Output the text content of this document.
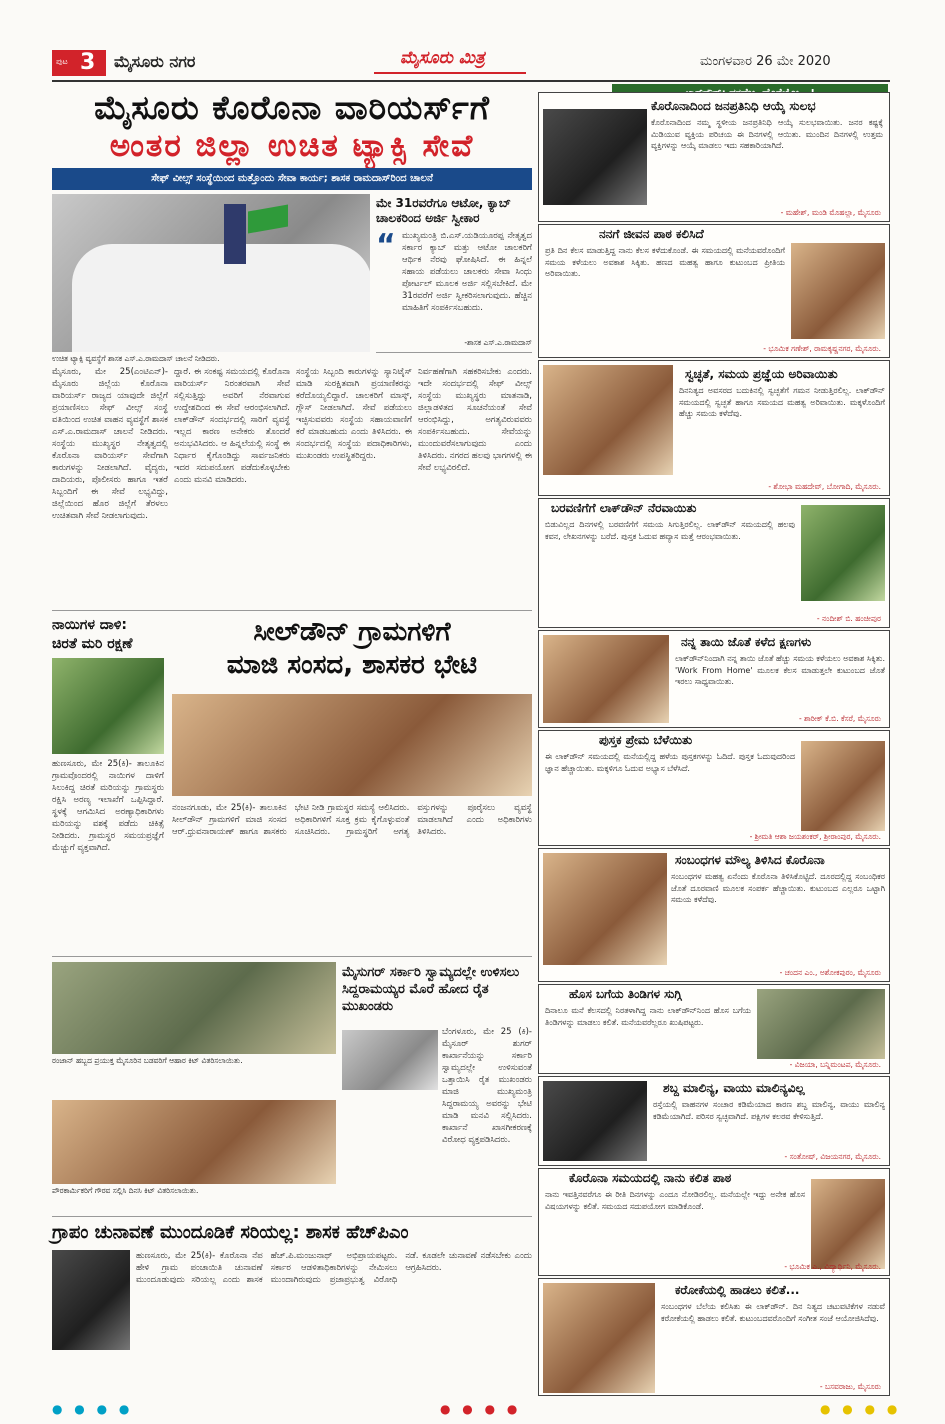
ಪುಟ 3 ಮೈಸೂರು ನಗರ	ಮೈಸೂರು ಮಿತ್ರ	ಮಂಗಳವಾರ 26 ಮೇ 2020
ಮೈಸೂರು ಕೊರೊನಾ ವಾರಿಯರ್ಸ್‌ಗೆ
ಅಂತರ ಜಿಲ್ಲಾ ಉಚಿತ ಟ್ಯಾಕ್ಸಿ ಸೇವೆ
ಸೇಫ್ ವೀಲ್ಸ್ ಸಂಸ್ಥೆಯಿಂದ ಮತ್ತೊಂದು ಸೇವಾ ಕಾರ್ಯ; ಶಾಸಕ ರಾಮದಾಸ್‌ರಿಂದ ಚಾಲನೆ
ಉಚಿತ ಟ್ಯಾಕ್ಸಿ ವ್ಯವಸ್ಥೆಗೆ ಶಾಸಕ ಎಸ್.ಎ.ರಾಮದಾಸ್ ಚಾಲನೆ ನೀಡಿದರು.
ಮೇ 31ರವರೆಗೂ ಆಟೋ, ಕ್ಯಾಬ್ ಚಾಲಕರಿಂದ ಅರ್ಜಿ ಸ್ವೀಕಾರ
“ ಮುಖ್ಯಮಂತ್ರಿ ಬಿ.ಎಸ್.ಯಡಿಯೂರಪ್ಪ ನೇತೃತ್ವದ ಸರ್ಕಾರ ಕ್ಯಾಬ್ ಮತ್ತು ಆಟೋ ಚಾಲಕರಿಗೆ ಆರ್ಥಿಕ ನೆರವು ಘೋಷಿಸಿದೆ. ಈ ಹಿನ್ನಲೆ ಸಹಾಯ ಪಡೆಯಲು ಚಾಲಕರು ಸೇವಾ ಸಿಂಧು ಪೋರ್ಟಲ್ ಮೂಲಕ ಅರ್ಜಿ ಸಲ್ಲಿಸಬೇಕಿದೆ. ಮೇ 31ರವರೆಗೆ ಅರ್ಜಿ ಸ್ವೀಕರಿಸಲಾಗುವುದು. ಹೆಚ್ಚಿನ ಮಾಹಿತಿಗೆ ಸಂಪರ್ಕಿಸಬಹುದು.
-ಶಾಸಕ ಎಸ್.ಎ.ರಾಮದಾಸ್
ಮೈಸೂರು, ಮೇ 25(ಎಂಟಿಎನ್)- ಮೈಸೂರು ಜಿಲ್ಲೆಯ ಕೊರೊನಾ ವಾರಿಯರ್ಸ್ ರಾಜ್ಯದ ಯಾವುದೇ ಜಿಲ್ಲೆಗೆ ಪ್ರಯಾಣಿಸಲು ಸೇಫ್ ವೀಲ್ಸ್ ಸಂಸ್ಥೆ ವತಿಯಿಂದ ಉಚಿತ ವಾಹನ ವ್ಯವಸ್ಥೆಗೆ ಶಾಸಕ ಎಸ್.ಎ.ರಾಮದಾಸ್ ಚಾಲನೆ ನೀಡಿದರು. ಸಂಸ್ಥೆಯ ಮುಖ್ಯಸ್ಥರ ನೇತೃತ್ವದಲ್ಲಿ ಕೊರೊನಾ ವಾರಿಯರ್ಸ್ ಸೇವೆಗಾಗಿ ಕಾರುಗಳನ್ನು ನೀಡಲಾಗಿದೆ. ವೈದ್ಯರು, ದಾದಿಯರು, ಪೊಲೀಸರು ಹಾಗೂ ಇತರೆ ಸಿಬ್ಬಂದಿಗೆ ಈ ಸೇವೆ ಲಭ್ಯವಿದ್ದು, ಜಿಲ್ಲೆಯಿಂದ ಹೊರ ಜಿಲ್ಲೆಗೆ ತೆರಳಲು ಉಚಿತವಾಗಿ ಸೇವೆ ನೀಡಲಾಗುವುದು.
ದ್ದಾರೆ. ಈ ಸಂಕಷ್ಟ ಸಮಯದಲ್ಲಿ ಕೊರೊನಾ ವಾರಿಯರ್ಸ್ ನಿರಂತರವಾಗಿ ಸೇವೆ ಸಲ್ಲಿಸುತ್ತಿದ್ದು ಅವರಿಗೆ ನೆರವಾಗುವ ಉದ್ದೇಶದಿಂದ ಈ ಸೇವೆ ಆರಂಭಿಸಲಾಗಿದೆ. ಲಾಕ್‌ಡೌನ್ ಸಂದರ್ಭದಲ್ಲಿ ಸಾರಿಗೆ ವ್ಯವಸ್ಥೆ ಇಲ್ಲದ ಕಾರಣ ಅನೇಕರು ತೊಂದರೆ ಅನುಭವಿಸಿದರು. ಆ ಹಿನ್ನಲೆಯಲ್ಲಿ ಸಂಸ್ಥೆ ಈ ನಿರ್ಧಾರ ಕೈಗೊಂಡಿದ್ದು ಸಾರ್ವಜನಿಕರು ಇದರ ಸದುಪಯೋಗ ಪಡೆದುಕೊಳ್ಳಬೇಕು ಎಂದು ಮನವಿ ಮಾಡಿದರು.
ಸಂಸ್ಥೆಯ ಸಿಬ್ಬಂದಿ ಕಾರುಗಳನ್ನು ಸ್ಯಾನಿಟೈಸ್ ಮಾಡಿ ಸುರಕ್ಷಿತವಾಗಿ ಪ್ರಯಾಣಿಕರನ್ನು ಕರೆದೊಯ್ಯಲಿದ್ದಾರೆ. ಚಾಲಕರಿಗೆ ಮಾಸ್ಕ್, ಗ್ಲೌಸ್ ನೀಡಲಾಗಿದೆ. ಸೇವೆ ಪಡೆಯಲು ಇಚ್ಛಿಸುವವರು ಸಂಸ್ಥೆಯ ಸಹಾಯವಾಣಿಗೆ ಕರೆ ಮಾಡಬಹುದು ಎಂದು ತಿಳಿಸಿದರು. ಈ ಸಂದರ್ಭದಲ್ಲಿ ಸಂಸ್ಥೆಯ ಪದಾಧಿಕಾರಿಗಳು, ಮುಖಂಡರು ಉಪಸ್ಥಿತರಿದ್ದರು.
ನಿರ್ವಹಣೆಗಾಗಿ ಸಹಕರಿಸಬೇಕು ಎಂದರು. ಇದೇ ಸಂದರ್ಭದಲ್ಲಿ ಸೇಫ್ ವೀಲ್ಸ್ ಸಂಸ್ಥೆಯ ಮುಖ್ಯಸ್ಥರು ಮಾತನಾಡಿ, ಜಿಲ್ಲಾಡಳಿತದ ಸೂಚನೆಯಂತೆ ಸೇವೆ ಆರಂಭಿಸಿದ್ದು, ಅಗತ್ಯವಿರುವವರು ಸಂಪರ್ಕಿಸಬಹುದು. ಸೇವೆಯನ್ನು ಮುಂದುವರೆಸಲಾಗುವುದು ಎಂದು ತಿಳಿಸಿದರು. ನಗರದ ಹಲವು ಭಾಗಗಳಲ್ಲಿ ಈ ಸೇವೆ ಲಭ್ಯವಿರಲಿದೆ.
ನಾಯಿಗಳ ದಾಳಿ:
ಚಿರತೆ ಮರಿ ರಕ್ಷಣೆ
ಹುಣಸೂರು, ಮೇ 25(ಕಿ)- ತಾಲೂಕಿನ ಗ್ರಾಮವೊಂದರಲ್ಲಿ ನಾಯಿಗಳ ದಾಳಿಗೆ ಸಿಲುಕಿದ್ದ ಚಿರತೆ ಮರಿಯನ್ನು ಗ್ರಾಮಸ್ಥರು ರಕ್ಷಿಸಿ ಅರಣ್ಯ ಇಲಾಖೆಗೆ ಒಪ್ಪಿಸಿದ್ದಾರೆ. ಸ್ಥಳಕ್ಕೆ ಆಗಮಿಸಿದ ಅರಣ್ಯಾಧಿಕಾರಿಗಳು ಮರಿಯನ್ನು ವಶಕ್ಕೆ ಪಡೆದು ಚಿಕಿತ್ಸೆ ನೀಡಿದರು. ಗ್ರಾಮಸ್ಥರ ಸಮಯಪ್ರಜ್ಞೆಗೆ ಮೆಚ್ಚುಗೆ ವ್ಯಕ್ತವಾಗಿದೆ.
ಸೀಲ್‌ಡೌನ್ ಗ್ರಾಮಗಳಿಗೆ
ಮಾಜಿ ಸಂಸದ, ಶಾಸಕರ ಭೇಟಿ
ನಂಜನಗೂಡು, ಮೇ 25(ಕಿ)- ತಾಲೂಕಿನ ಸೀಲ್‌ಡೌನ್ ಗ್ರಾಮಗಳಿಗೆ ಮಾಜಿ ಸಂಸದ ಆರ್.ಧ್ರುವನಾರಾಯಣ್ ಹಾಗೂ ಶಾಸಕರು ಭೇಟಿ ನೀಡಿ ಗ್ರಾಮಸ್ಥರ ಸಮಸ್ಯೆ ಆಲಿಸಿದರು. ಅಧಿಕಾರಿಗಳಿಗೆ ಸೂಕ್ತ ಕ್ರಮ ಕೈಗೊಳ್ಳುವಂತೆ ಸೂಚಿಸಿದರು. ಗ್ರಾಮಸ್ಥರಿಗೆ ಅಗತ್ಯ ವಸ್ತುಗಳನ್ನು ಪೂರೈಸಲು ವ್ಯವಸ್ಥೆ ಮಾಡಲಾಗಿದೆ ಎಂದು ಅಧಿಕಾರಿಗಳು ತಿಳಿಸಿದರು.
ರಂಜಾನ್ ಹಬ್ಬದ ಪ್ರಯುಕ್ತ ಮೈಸೂರಿನ ಬಡವರಿಗೆ ಆಹಾರ ಕಿಟ್ ವಿತರಿಸಲಾಯಿತು.
ಪೌರಕಾರ್ಮಿಕರಿಗೆ ಗೌರವ ಸಲ್ಲಿಸಿ ದಿನಸಿ ಕಿಟ್ ವಿತರಿಸಲಾಯಿತು.
ಮೈಸುಗರ್ ಸರ್ಕಾರಿ ಸ್ವಾಮ್ಯದಲ್ಲೇ ಉಳಿಸಲು ಸಿದ್ದರಾಮಯ್ಯರ ಮೊರೆ ಹೋದ ರೈತ ಮುಖಂಡರು
ಬೆಂಗಳೂರು, ಮೇ 25 (ಕಿ)- ಮೈಸೂರ್ ಶುಗರ್ ಕಾರ್ಖಾನೆಯನ್ನು ಸರ್ಕಾರಿ ಸ್ವಾಮ್ಯದಲ್ಲೇ ಉಳಿಸುವಂತೆ ಒತ್ತಾಯಿಸಿ ರೈತ ಮುಖಂಡರು ಮಾಜಿ ಮುಖ್ಯಮಂತ್ರಿ ಸಿದ್ದರಾಮಯ್ಯ ಅವರನ್ನು ಭೇಟಿ ಮಾಡಿ ಮನವಿ ಸಲ್ಲಿಸಿದರು. ಕಾರ್ಖಾನೆ ಖಾಸಗೀಕರಣಕ್ಕೆ ವಿರೋಧ ವ್ಯಕ್ತಪಡಿಸಿದರು.
ಗ್ರಾಪಂ ಚುನಾವಣೆ ಮುಂದೂಡಿಕೆ ಸರಿಯಲ್ಲ: ಶಾಸಕ ಹೆಚ್‌ಪಿಎಂ
ಹುಣಸೂರು, ಮೇ 25(ಕಿ)- ಕೊರೊನಾ ನೆಪ ಹೇಳಿ ಗ್ರಾಮ ಪಂಚಾಯಿತಿ ಚುನಾವಣೆ ಮುಂದೂಡುವುದು ಸರಿಯಲ್ಲ ಎಂದು ಶಾಸಕ ಹೆಚ್.ಪಿ.ಮಂಜುನಾಥ್ ಅಭಿಪ್ರಾಯಪಟ್ಟರು. ಸರ್ಕಾರ ಆಡಳಿತಾಧಿಕಾರಿಗಳನ್ನು ನೇಮಿಸಲು ಮುಂದಾಗಿರುವುದು ಪ್ರಜಾಪ್ರಭುತ್ವ ವಿರೋಧಿ ನಡೆ. ಕೂಡಲೇ ಚುನಾವಣೆ ನಡೆಸಬೇಕು ಎಂದು ಆಗ್ರಹಿಸಿದರು.
ಕೊರೊನಾದಿಂದ ಜನಪ್ರತಿನಿಧಿ ಆಯ್ಕೆ ಸುಲಭ
ಕೊರೊನಾದಿಂದ ನಮ್ಮ ಸ್ಥಳೀಯ ಜನಪ್ರತಿನಿಧಿ ಆಯ್ಕೆ ಸುಲಭವಾಯಿತು. ಜನರ ಕಷ್ಟಕ್ಕೆ ಮಿಡಿಯುವ ವ್ಯಕ್ತಿಯ ಪರಿಚಯ ಈ ದಿನಗಳಲ್ಲಿ ಆಯಿತು. ಮುಂದಿನ ದಿನಗಳಲ್ಲಿ ಉತ್ತಮ ವ್ಯಕ್ತಿಗಳನ್ನು ಆಯ್ಕೆ ಮಾಡಲು ಇದು ಸಹಕಾರಿಯಾಗಿದೆ.
- ಮಹೇಶ್, ಮಂಡಿ ಮೊಹಲ್ಲಾ, ಮೈಸೂರು
ನನಗೆ ಜೀವನ ಪಾಠ ಕಲಿಸಿದೆ
ಪ್ರತಿ ದಿನ ಕೆಲಸ ಮಾಡುತ್ತಿದ್ದ ನಾನು ಕೆಲಸ ಕಳೆದುಕೊಂಡೆ. ಈ ಸಮಯದಲ್ಲಿ ಮನೆಯವರೊಂದಿಗೆ ಸಮಯ ಕಳೆಯಲು ಅವಕಾಶ ಸಿಕ್ಕಿತು. ಹಣದ ಮಹತ್ವ ಹಾಗೂ ಕುಟುಂಬದ ಪ್ರೀತಿಯ ಅರಿವಾಯಿತು.
- ಭೂಮಿಕ ಗಣೇಶ್, ರಾಮಕೃಷ್ಣನಗರ, ಮೈಸೂರು.
ಸ್ವಚ್ಛತೆ, ಸಮಯ ಪ್ರಜ್ಞೆಯ ಅರಿವಾಯಿತು
ದಿನನಿತ್ಯದ ಅವಸರದ ಬದುಕಿನಲ್ಲಿ ಸ್ವಚ್ಛತೆಗೆ ಗಮನ ನೀಡುತ್ತಿರಲಿಲ್ಲ. ಲಾಕ್‌ಡೌನ್ ಸಮಯದಲ್ಲಿ ಸ್ವಚ್ಛತೆ ಹಾಗೂ ಸಮಯದ ಮಹತ್ವ ಅರಿವಾಯಿತು. ಮಕ್ಕಳೊಂದಿಗೆ ಹೆಚ್ಚು ಸಮಯ ಕಳೆದೆವು.
- ಶೋಭಾ ಮಹದೇವ್, ಬೋಗಾದಿ, ಮೈಸೂರು.
ಬರವಣಿಗೆಗೆ ಲಾಕ್‌ಡೌನ್ ನೆರವಾಯಿತು
ಬಿಡುವಿಲ್ಲದ ದಿನಗಳಲ್ಲಿ ಬರವಣಿಗೆಗೆ ಸಮಯ ಸಿಗುತ್ತಿರಲಿಲ್ಲ. ಲಾಕ್‌ಡೌನ್ ಸಮಯದಲ್ಲಿ ಹಲವು ಕವನ, ಲೇಖನಗಳನ್ನು ಬರೆದೆ. ಪುಸ್ತಕ ಓದುವ ಹವ್ಯಾಸ ಮತ್ತೆ ಆರಂಭವಾಯಿತು.
- ನಂದೀಶ್ ಬಿ. ಹಂಚೀಪುರ
ನನ್ನ ತಾಯಿ ಜೊತೆ ಕಳೆದ ಕ್ಷಣಗಳು
ಲಾಕ್‌ಡೌನ್‌ನಿಂದಾಗಿ ನನ್ನ ತಾಯಿ ಜೊತೆ ಹೆಚ್ಚು ಸಮಯ ಕಳೆಯಲು ಅವಕಾಶ ಸಿಕ್ಕಿತು. 'Work From Home' ಮೂಲಕ ಕೆಲಸ ಮಾಡುತ್ತಲೇ ಕುಟುಂಬದ ಜೊತೆ ಇರಲು ಸಾಧ್ಯವಾಯಿತು.
- ಶಾರೀಕ್ ಕೆ.ಬಿ. ಕೆಸರೆ, ಮೈಸೂರು
ಪುಸ್ತಕ ಪ್ರೇಮ ಬೆಳೆಯಿತು
ಈ ಲಾಕ್‌ಡೌನ್ ಸಮಯದಲ್ಲಿ ಮನೆಯಲ್ಲಿದ್ದ ಹಳೆಯ ಪುಸ್ತಕಗಳನ್ನು ಓದಿದೆ. ಪುಸ್ತಕ ಓದುವುದರಿಂದ ಜ್ಞಾನ ಹೆಚ್ಚಾಯಿತು. ಮಕ್ಕಳಿಗೂ ಓದುವ ಅಭ್ಯಾಸ ಬೆಳೆಸಿದೆ.
- ಶ್ರೀಮತಿ ಆಶಾ ಜಯಶಂಕರ್, ಶ್ರೀರಾಂಪುರ, ಮೈಸೂರು.
ಸಂಬಂಧಗಳ ಮೌಲ್ಯ ತಿಳಿಸಿದ ಕೊರೊನಾ
ಸಂಬಂಧಗಳ ಮಹತ್ವ ಏನೆಂದು ಕೊರೊನಾ ತಿಳಿಸಿಕೊಟ್ಟಿದೆ. ದೂರದಲ್ಲಿದ್ದ ಸಂಬಂಧಿಕರ ಜೊತೆ ದೂರವಾಣಿ ಮೂಲಕ ಸಂಪರ್ಕ ಹೆಚ್ಚಾಯಿತು. ಕುಟುಂಬದ ಎಲ್ಲರೂ ಒಟ್ಟಾಗಿ ಸಮಯ ಕಳೆದೆವು.
- ಚಂದನ ಎಂ., ಅಶೋಕಪುರಂ, ಮೈಸೂರು
ಹೊಸ ಬಗೆಯ ತಿಂಡಿಗಳ ಸುಗ್ಗಿ
ದಿನಾಲೂ ಮನೆ ಕೆಲಸದಲ್ಲಿ ನಿರತಳಾಗಿದ್ದ ನಾನು ಲಾಕ್‌ಡೌನ್‌ನಿಂದ ಹೊಸ ಬಗೆಯ ತಿಂಡಿಗಳನ್ನು ಮಾಡಲು ಕಲಿತೆ. ಮನೆಯವರೆಲ್ಲರೂ ಖುಷಿಪಟ್ಟರು.
- ವಿಜಯಾ, ಬನ್ನಿಮಂಟಪ, ಮೈಸೂರು.
ಶಬ್ದ ಮಾಲಿನ್ಯ, ವಾಯು ಮಾಲಿನ್ಯವಿಲ್ಲ
ರಸ್ತೆಯಲ್ಲಿ ವಾಹನಗಳ ಸಂಚಾರ ಕಡಿಮೆಯಾದ ಕಾರಣ ಶಬ್ದ ಮಾಲಿನ್ಯ, ವಾಯು ಮಾಲಿನ್ಯ ಕಡಿಮೆಯಾಗಿದೆ. ಪರಿಸರ ಸ್ವಚ್ಛವಾಗಿದೆ. ಪಕ್ಷಿಗಳ ಕಲರವ ಕೇಳಿಸುತ್ತಿದೆ.
- ಸಂತೋಷ್, ವಿಜಯನಗರ, ಮೈಸೂರು.
ಕೊರೊನಾ ಸಮಯದಲ್ಲಿ ನಾನು ಕಲಿತ ಪಾಠ
ನಾನು ಇವತ್ತಿನವರೆಗೂ ಈ ರೀತಿ ದಿನಗಳನ್ನು ಎಂದೂ ನೋಡಿರಲಿಲ್ಲ. ಮನೆಯಲ್ಲೇ ಇದ್ದು ಅನೇಕ ಹೊಸ ವಿಷಯಗಳನ್ನು ಕಲಿತೆ. ಸಮಯದ ಸದುಪಯೋಗ ಮಾಡಿಕೊಂಡೆ.
- ಭೂಮಿಕ ಎ., ವಿದ್ಯಾರ್ಥಿನಿ, ಮೈಸೂರು.
ಕರೋಕೆಯಲ್ಲಿ ಹಾಡಲು ಕಲಿತೆ...
ಸಂಬಂಧಗಳ ಬೆಲೆಯ ಕಲಿಸಿತು ಈ ಲಾಕ್‌ಡೌನ್. ದಿನ ನಿತ್ಯದ ಚಟುವಟಿಕೆಗಳ ನಡುವೆ ಕರೋಕೆಯಲ್ಲಿ ಹಾಡಲು ಕಲಿತೆ. ಕುಟುಂಬದವರೊಂದಿಗೆ ಸಂಗೀತ ಸಂಜೆ ಆಯೋಜಿಸಿದೆವು.
- ಬಸವರಾಜು, ಮೈಸೂರು
● ● ● ●	● ● ● ●	● ● ● ●
